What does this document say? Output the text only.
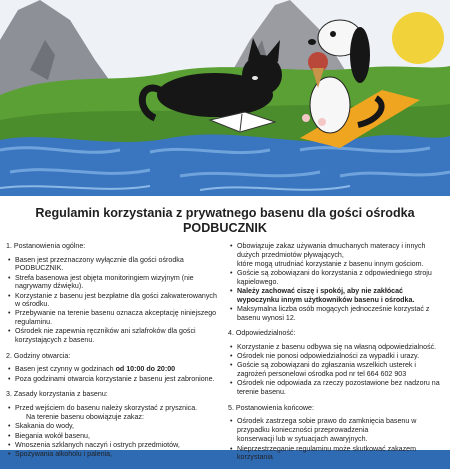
Regulamin korzystania z prywatnego basenu dla gości ośrodka
PODBUCZNIK
1. Postanowienia ogólne:
• Basen jest przeznaczony wyłącznie dla gości ośrodka PODBUCZNIK.
• Strefa basenowa jest objęta monitoringiem wizyjnym (nie nagrywamy dźwięku).
• Korzystanie z basenu jest bezpłatne dla gości zakwaterowanych w ośrodku.
• Przebywanie na terenie basenu oznacza akceptację niniejszego regulaminu.
• Ośrodek nie zapewnia ręczników ani szlafroków dla gości korzystających z basenu.
2. Godziny otwarcia:
• Basen jest czynny w godzinach od 10:00 do 20:00
• Poza godzinami otwarcia korzystanie z basenu jest zabronione.
3. Zasady korzystania z basenu:
• Przed wejściem do basenu należy skorzystać z prysznica.
Na terenie basenu obowiązuje zakaz:
• Skakania do wody,
• Biegania wokół basenu,
• Wnoszenia szklanych naczyń i ostrych przedmiotów,
• Spożywania alkoholu i palenia,
• Obowiązuje zakaz używania dmuchanych materacy i innych dużych przedmiotów pływających,
które mogą utrudniać korzystanie z basenu innym gościom.
• Goście są zobowiązani do korzystania z odpowiedniego stroju kąpielowego.
• Należy zachować ciszę i spokój, aby nie zakłócać wypoczynku innym użytkowników basenu i ośrodka.
• Maksymalna liczba osób mogących jednocześnie korzystać z basenu wynosi 12.
4. Odpowiedzialność:
• Korzystanie z basenu odbywa się na własną odpowiedzialność.
• Ośrodek nie ponosi odpowiedzialności za wypadki i urazy.
• Goście są zobowiązani do zgłaszania wszelkich usterek i zagrożeń personelowi ośrodka pod nr tel 664 602 903
• Ośrodek nie odpowiada za rzeczy pozostawione bez nadzoru na terenie basenu.
5. Postanowienia końcowe:
• Ośrodek zastrzega sobie prawo do zamknięcia basenu w przypadku konieczności przeprowadzenia
konserwacji lub w sytuacjach awaryjnych.
• Nieprzestrzeganie regulaminu może skutkować zakazem korzystania
